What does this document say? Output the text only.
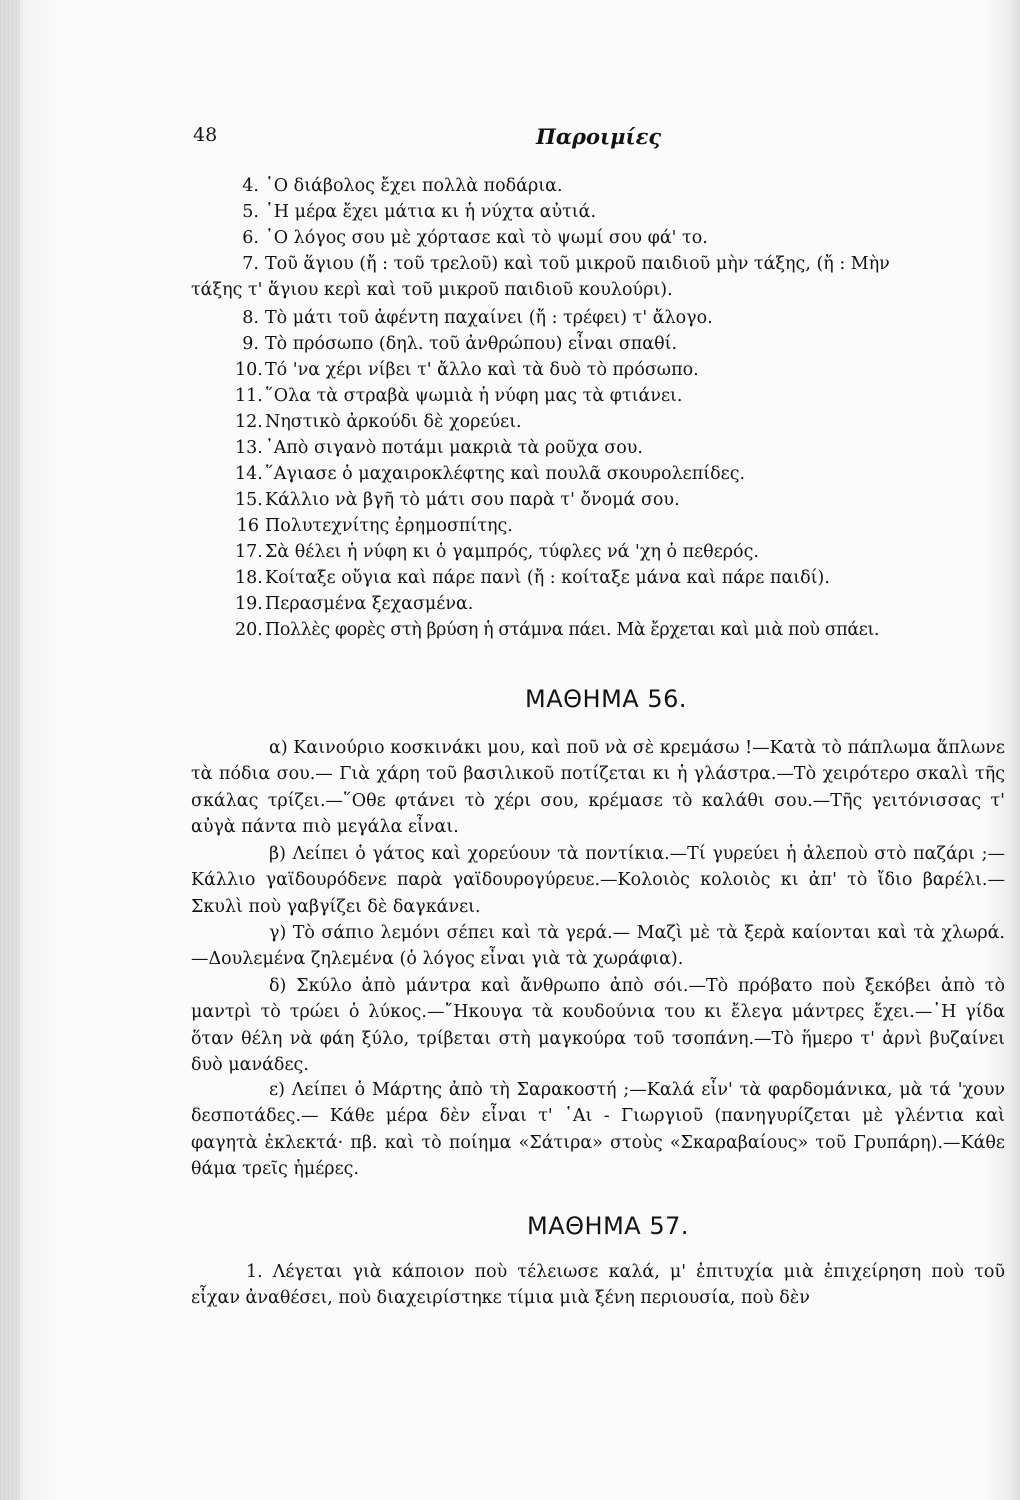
48	Παροιμίες
4. ῾Ο διάβολος ἔχει πολλὰ ποδάρια.
5. ῾Η μέρα ἔχει μάτια κι ἡ νύχτα αὐτιά.
6. ῾Ο λόγος σου μὲ χόρτασε καὶ τὸ ψωμί σου φά' το.
7. Τοῦ ἅγιου (ἤ : τοῦ τρελοῦ) καὶ τοῦ μικροῦ παιδιοῦ μὴν τάξης, (ἤ : Μὴν
τάξης τ' ἅγιου κερὶ καὶ τοῦ μικροῦ παιδιοῦ κουλούρι).
8. Τὸ μάτι τοῦ ἀφέντη παχαίνει (ἤ : τρέφει) τ' ἄλογο.
9. Τὸ πρόσωπο (δηλ. τοῦ ἀνθρώπου) εἶναι σπαθί.
10. Τό 'να χέρι νίβει τ' ἄλλο καὶ τὰ δυὸ τὸ πρόσωπο.
11. ῞Ολα τὰ στραβὰ ψωμιὰ ἡ νύφη μας τὰ φτιάνει.
12. Νηστικὸ ἀρκούδι δὲ χορεύει.
13. ᾿Απὸ σιγανὸ ποτάμι μακριὰ τὰ ροῦχα σου.
14. ῞Αγιασε ὁ μαχαιροκλέφτης καὶ πουλᾶ σκουρολεπίδες.
15. Κάλλιο νὰ βγῆ τὸ μάτι σου παρὰ τ' ὄνομά σου.
16 Πολυτεχνίτης ἐρημοσπίτης.
17. Σὰ θέλει ἡ νύφη κι ὁ γαμπρός, τύφλες νά 'χη ὁ πεθερός.
18. Κοίταξε οὔγια καὶ πάρε πανὶ (ἤ : κοίταξε μάνα καὶ πάρε παιδί).
19. Περασμένα ξεχασμένα.
20. Πολλὲς φορὲς στὴ βρύση ἡ στάμνα πάει. Μὰ ἔρχεται καὶ μιὰ ποὺ σπάει.
ΜΑΘΗΜΑ 56.
α) Καινούριο κοσκινάκι μου, καὶ ποῦ νὰ σὲ κρεμάσω !—Κατὰ τὸ πάπλωμα ἅπλωνε τὰ πόδια σου.— Γιὰ χάρη τοῦ βασιλικοῦ ποτίζεται κι ἡ γλάστρα.—Τὸ χειρότερο σκαλὶ τῆς σκάλας τρίζει.—῞Οθε φτάνει τὸ χέρι σου, κρέμασε τὸ καλάθι σου.—Τῆς γειτόνισσας τ' αὐγὰ πάντα πιὸ μεγάλα εἶναι.
β) Λείπει ὁ γάτος καὶ χορεύουν τὰ ποντίκια.—Τί γυρεύει ἡ ἀλεποὺ στὸ παζάρι ;—Κάλλιο γαϊδουρόδενε παρὰ γαϊδουρογύρευε.—Κολοιὸς κολοιὸς κι ἀπ' τὸ ἴδιο βαρέλι.—Σκυλὶ ποὺ γαβγίζει δὲ δαγκάνει.
γ) Τὸ σάπιο λεμόνι σέπει καὶ τὰ γερά.— Μαζὶ μὲ τὰ ξερὰ καίονται καὶ τὰ χλωρά.—Δουλεμένα ζηλεμένα (ὁ λόγος εἶναι γιὰ τὰ χωράφια).
δ) Σκύλο ἀπὸ μάντρα καὶ ἄνθρωπο ἀπὸ σόι.—Τὸ πρόβατο ποὺ ξεκόβει ἀπὸ τὸ μαντρὶ τὸ τρώει ὁ λύκος.—῎Ηκουγα τὰ κουδούνια του κι ἔλεγα μάντρες ἔχει.—῾Η γίδα ὅταν θέλη νὰ φάη ξύλο, τρίβεται στὴ μαγκούρα τοῦ τσοπάνη.—Τὸ ἥμερο τ' ἀρνὶ βυζαίνει δυὸ μανάδες.
ε) Λείπει ὁ Μάρτης ἀπὸ τὴ Σαρακοστή ;—Καλά εἶν' τὰ φαρδομάνικα, μὰ τά 'χουν δεσποτάδες.— Κάθε μέρα δὲν εἶναι τ' ῾Αι - Γιωργιοῦ (πανηγυρίζεται μὲ γλέντια καὶ φαγητὰ ἐκλεκτά· πβ. καὶ τὸ ποίημα «Σάτιρα» στοὺς «Σκαραβαίους» τοῦ Γρυπάρη).—Κάθε θάμα τρεῖς ἡμέρες.
ΜΑΘΗΜΑ 57.
1. Λέγεται γιὰ κάποιον ποὺ τέλειωσε καλά, μ' ἐπιτυχία μιὰ ἐπιχείρηση ποὺ τοῦ εἶχαν ἀναθέσει, ποὺ διαχειρίστηκε τίμια μιὰ ξένη περιουσία, ποὺ δὲν
